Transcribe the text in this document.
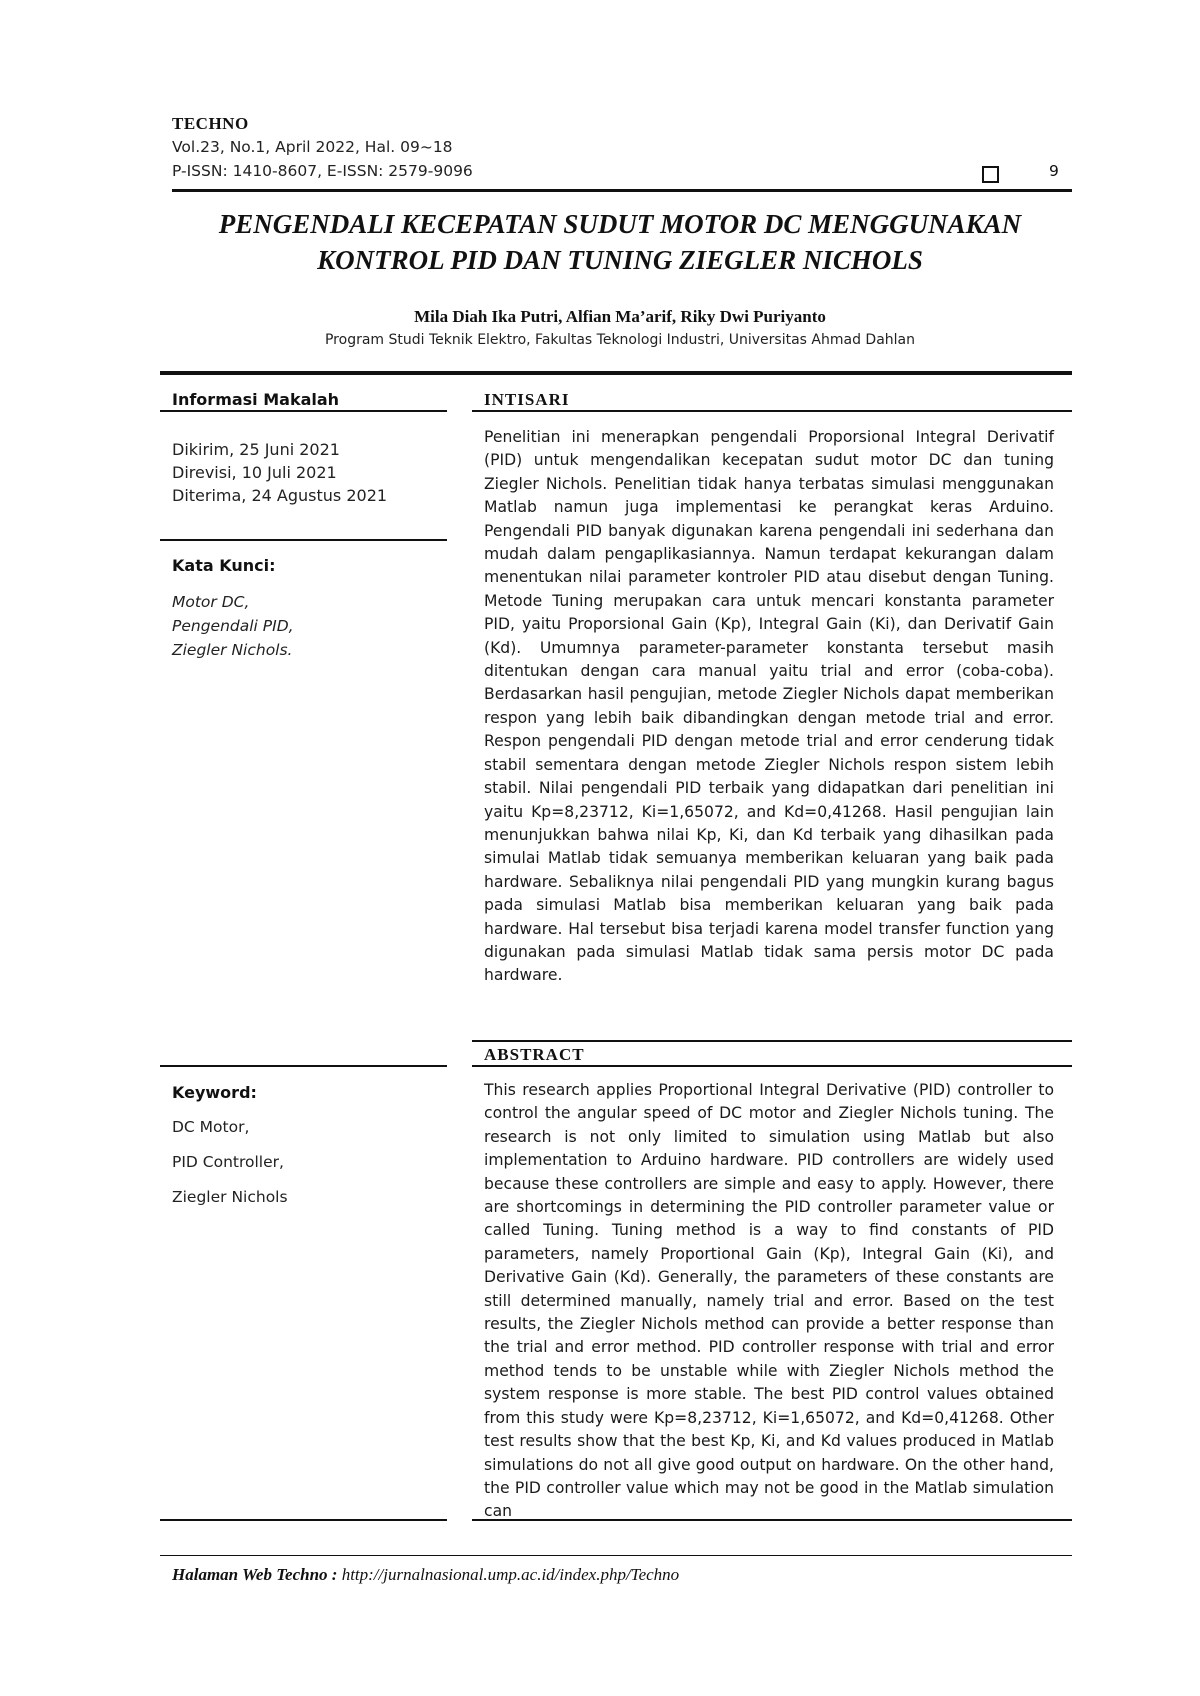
TECHNO
Vol.23, No.1, April 2022, Hal. 09~18
P-ISSN: 1410-8607, E-ISSN: 2579-9096	9
PENGENDALI KECEPATAN SUDUT MOTOR DC MENGGUNAKAN
KONTROL PID DAN TUNING ZIEGLER NICHOLS
Mila Diah Ika Putri, Alfian Ma’arif, Riky Dwi Puriyanto
Program Studi Teknik Elektro, Fakultas Teknologi Industri, Universitas Ahmad Dahlan
Informasi Makalah
Dikirim, 25 Juni 2021
Direvisi, 10 Juli 2021
Diterima, 24 Agustus 2021
Kata Kunci:
Motor DC,
Pengendali PID,
Ziegler Nichols.
Keyword:
DC Motor,
PID Controller,
Ziegler Nichols
INTISARI
Penelitian ini menerapkan pengendali Proporsional Integral Derivatif (PID) untuk mengendalikan kecepatan sudut motor DC dan tuning Ziegler Nichols. Penelitian tidak hanya terbatas simulasi menggunakan Matlab namun juga implementasi ke perangkat keras Arduino. Pengendali PID banyak digunakan karena pengendali ini sederhana dan mudah dalam pengaplikasiannya. Namun terdapat kekurangan dalam menentukan nilai parameter kontroler PID atau disebut dengan Tuning. Metode Tuning merupakan cara untuk mencari konstanta parameter PID, yaitu Proporsional Gain (Kp), Integral Gain (Ki), dan Derivatif Gain (Kd). Umumnya parameter-parameter konstanta tersebut masih ditentukan dengan cara manual yaitu trial and error (coba-coba). Berdasarkan hasil pengujian, metode Ziegler Nichols dapat memberikan respon yang lebih baik dibandingkan dengan metode trial and error. Respon pengendali PID dengan metode trial and error cenderung tidak stabil sementara dengan metode Ziegler Nichols respon sistem lebih stabil. Nilai pengendali PID terbaik yang didapatkan dari penelitian ini yaitu Kp=8,23712, Ki=1,65072, and Kd=0,41268. Hasil pengujian lain menunjukkan bahwa nilai Kp, Ki, dan Kd terbaik yang dihasilkan pada simulai Matlab tidak semuanya memberikan keluaran yang baik pada hardware. Sebaliknya nilai pengendali PID yang mungkin kurang bagus pada simulasi Matlab bisa memberikan keluaran yang baik pada hardware. Hal tersebut bisa terjadi karena model transfer function yang digunakan pada simulasi Matlab tidak sama persis motor DC pada hardware.
ABSTRACT
This research applies Proportional Integral Derivative (PID) controller to control the angular speed of DC motor and Ziegler Nichols tuning. The research is not only limited to simulation using Matlab but also implementation to Arduino hardware. PID controllers are widely used because these controllers are simple and easy to apply. However, there are shortcomings in determining the PID controller parameter value or called Tuning. Tuning method is a way to find constants of PID parameters, namely Proportional Gain (Kp), Integral Gain (Ki), and Derivative Gain (Kd). Generally, the parameters of these constants are still determined manually, namely trial and error. Based on the test results, the Ziegler Nichols method can provide a better response than the trial and error method. PID controller response with trial and error method tends to be unstable while with Ziegler Nichols method the system response is more stable. The best PID control values obtained from this study were Kp=8,23712, Ki=1,65072, and Kd=0,41268. Other test results show that the best Kp, Ki, and Kd values produced in Matlab simulations do not all give good output on hardware. On the other hand, the PID controller value which may not be good in the Matlab simulation can
Halaman Web Techno : http://jurnalnasional.ump.ac.id/index.php/Techno
